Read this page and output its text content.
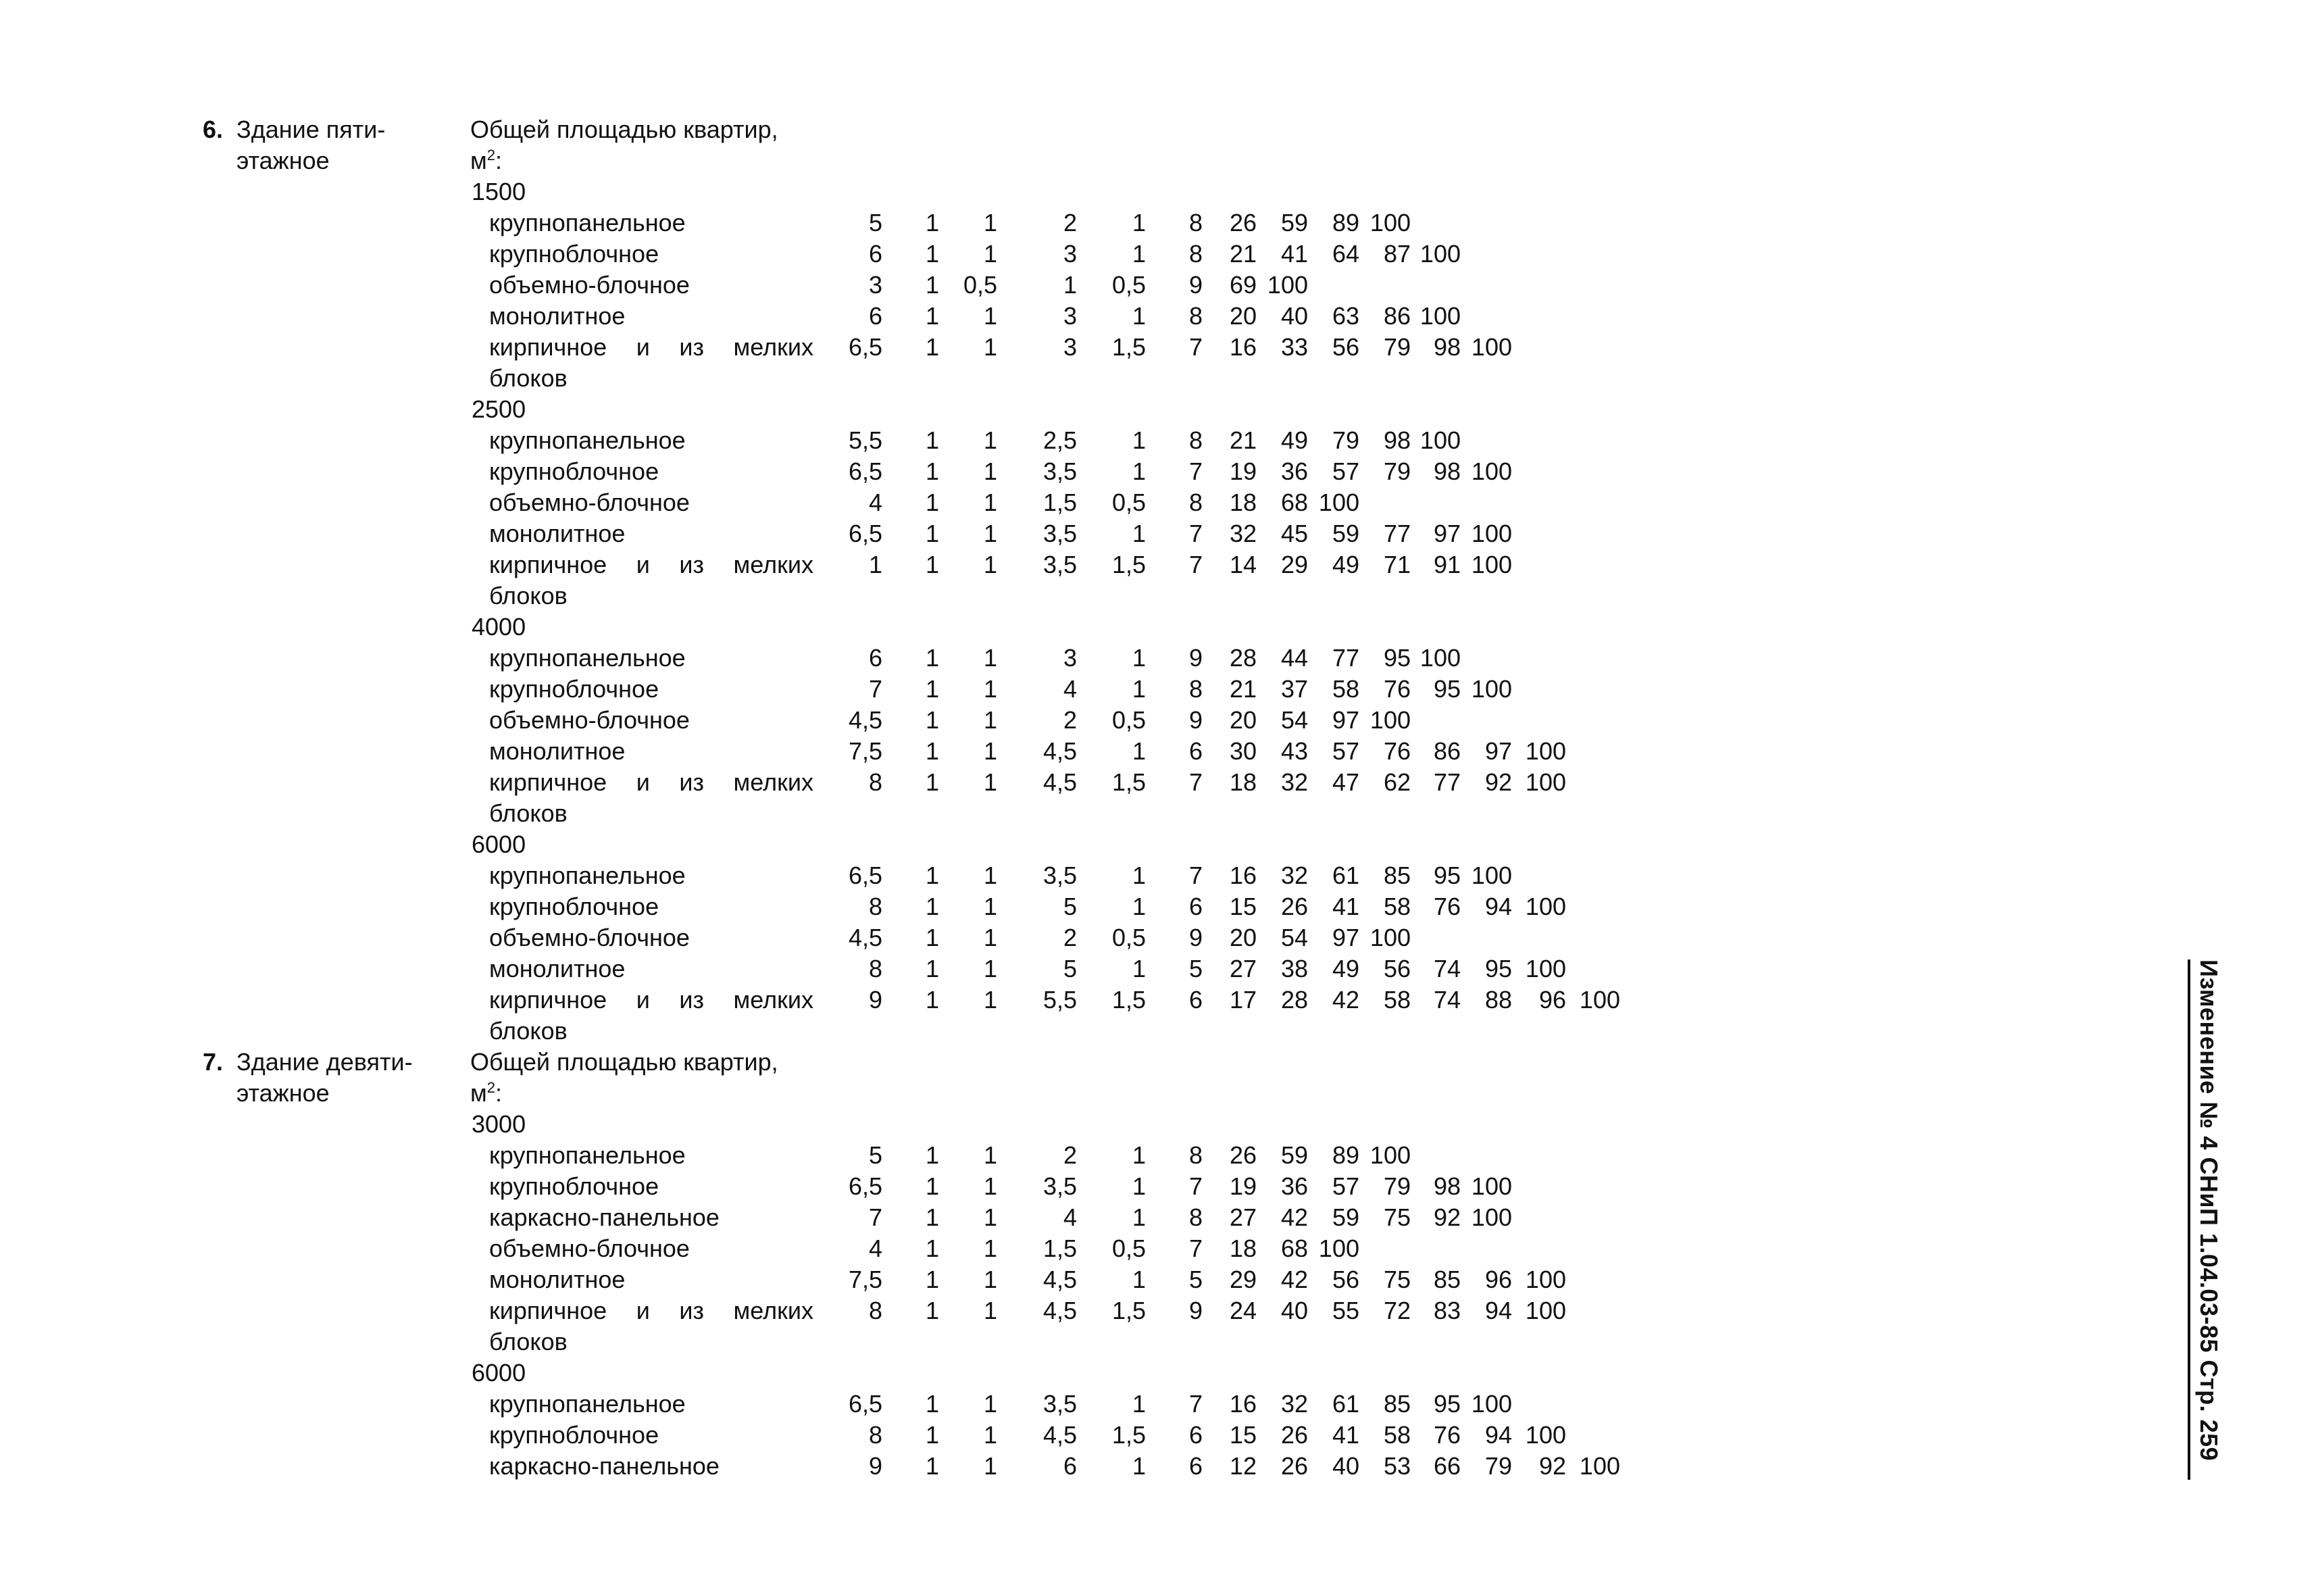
Изменение № 4 СНиП 1.04.03-85 Стр. 259
6. Здание пяти-
этажное
Общей площадью квартир,
$м^2$:
1500
крупнопанельное	5 1 1	2 1 8 26 59 89 100
крупноблочное	6 1 1	3 1 8 21 41 64 87 100
объемно-блочное	3 1 0,5	1 0,5 9 69 100
монолитное	6 1 1	3 1 8 20 40 63 86 100
кирпичное и из мелких 6,5 1 1	3 1,5 7 16 33 56 79 98 100
блоков
2500
крупнопанельное	5,5 1 1 2,5 1 8 21 49 79 98 100
крупноблочное	6,5 1 1 3,5 1 7 19 36 57 79 98 100
объемно-блочное	4 1 1 1,5 0,5 8 18 68 100
монолитное	6,5 1 1 3,5 1 7 32 45 59 77 97 100
кирпичное и из мелких 1 1 1 3,5 1,5 7 14 29 49 71 91 100
блоков
4000
крупнопанельное	6 1 1	3 1 9 28 44 77 95 100
крупноблочное	7 1 1	4 1 8 21 37 58 76 95 100
объемно-блочное	4,5 1 1	2 0,5 9 20 54 97 100
монолитное	7,5 1 1 4,5 1 6 30 43 57 76 86 97 100
кирпичное и из мелких 8 1 1 4,5 1,5 7 18 32 47 62 77 92 100
блоков
6000
крупнопанельное	6,5 1 1 3,5 1 7 16 32 61 85 95 100
крупноблочное	8 1 1	5 1 6 15 26 41 58 76 94 100
объемно-блочное	4,5 1 1	2 0,5 9 20 54 97 100
монолитное	8 1 1	5 1 5 27 38 49 56 74 95 100
кирпичное и из мелких 9 1 1 5,5 1,5 6 17 28 42 58 74 88 96 100
блоков
7. Здание девяти-
этажное
Общей площадью квартир,
$м^2$:
3000
крупнопанельное	5 1 1	2 1 8 26 59 89 100
крупноблочное	6,5 1 1 3,5 1 7 19 36 57 79 98 100
каркасно-панельное	7 1 1	4 1 8 27 42 59 75 92 100
объемно-блочное	4 1 1 1,5 0,5 7 18 68 100
монолитное	7,5 1 1 4,5 1 5 29 42 56 75 85 96 100
кирпичное и из мелких 8 1 1 4,5 1,5 9 24 40 55 72 83 94 100
блоков
6000
крупнопанельное	6,5 1 1 3,5 1 7 16 32 61 85 95 100
крупноблочное	8 1 1 4,5 1,5 6 15 26 41 58 76 94 100
каркасно-панельное	9 1 1	6 1 6 12 26 40 53 66 79 92 100
